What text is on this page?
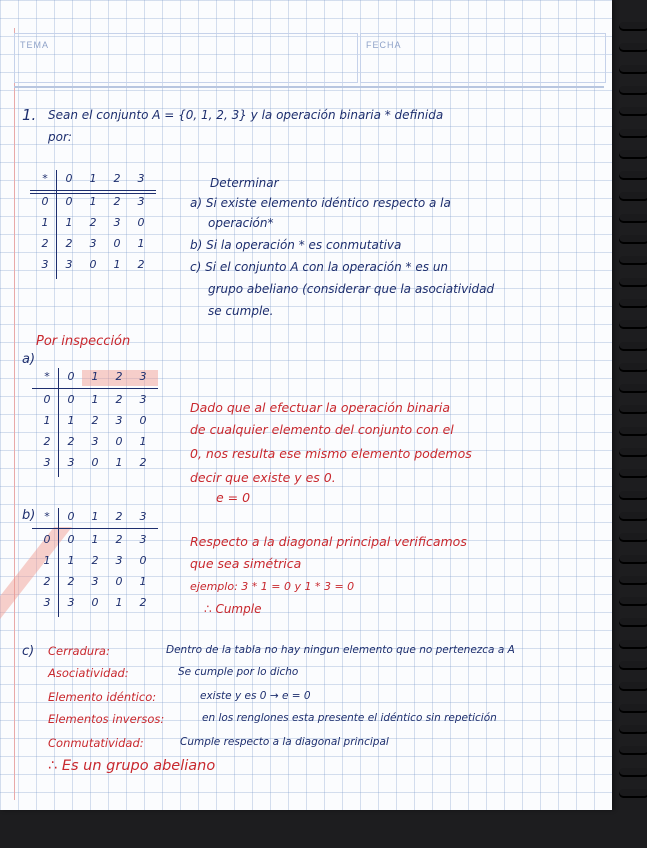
TEMA	FECHA
1. Sean el conjunto A = {0, 1, 2, 3} y la operación binaria * definida
por:
Determinar
a) Si existe elemento idéntico respecto a la
operación*
b) Si la operación * es conmutativa
c) Si el conjunto A con la operación * es un
grupo abeliano (considerar que la asociatividad
se cumple.
*	0	1	2	3
0	0	1	2	3
1	1	2	3	0
2	2	3	0	1
3	3	0	1	2
Por inspección
a)
*	0	1	2	3
0	0	1	2	3
1	1	2	3	0
2	2	3	0	1
3	3	0	1	2
Dado que al efectuar la operación binaria
de cualquier elemento del conjunto con el
0, nos resulta ese mismo elemento podemos
decir que existe y es 0.
e = 0
b) *	0	1	2	3
0	0	1	2	3
1	1	2	3	0
2	2	3	0	1
3	3	0	1	2
Respecto a la diagonal principal verificamos
que sea simétrica
ejemplo: 3 * 1 = 0 y 1 * 3 = 0
∴ Cumple
c) Cerradura:	Dentro de la tabla no hay ningun elemento que no pertenezca a A
Asociatividad:	Se cumple por lo dicho
Elemento idéntico:	existe y es 0 → e = 0
Elementos inversos:	en los renglones esta presente el idéntico sin repetición
Conmutatividad:	Cumple respecto a la diagonal principal
∴ Es un grupo abeliano
